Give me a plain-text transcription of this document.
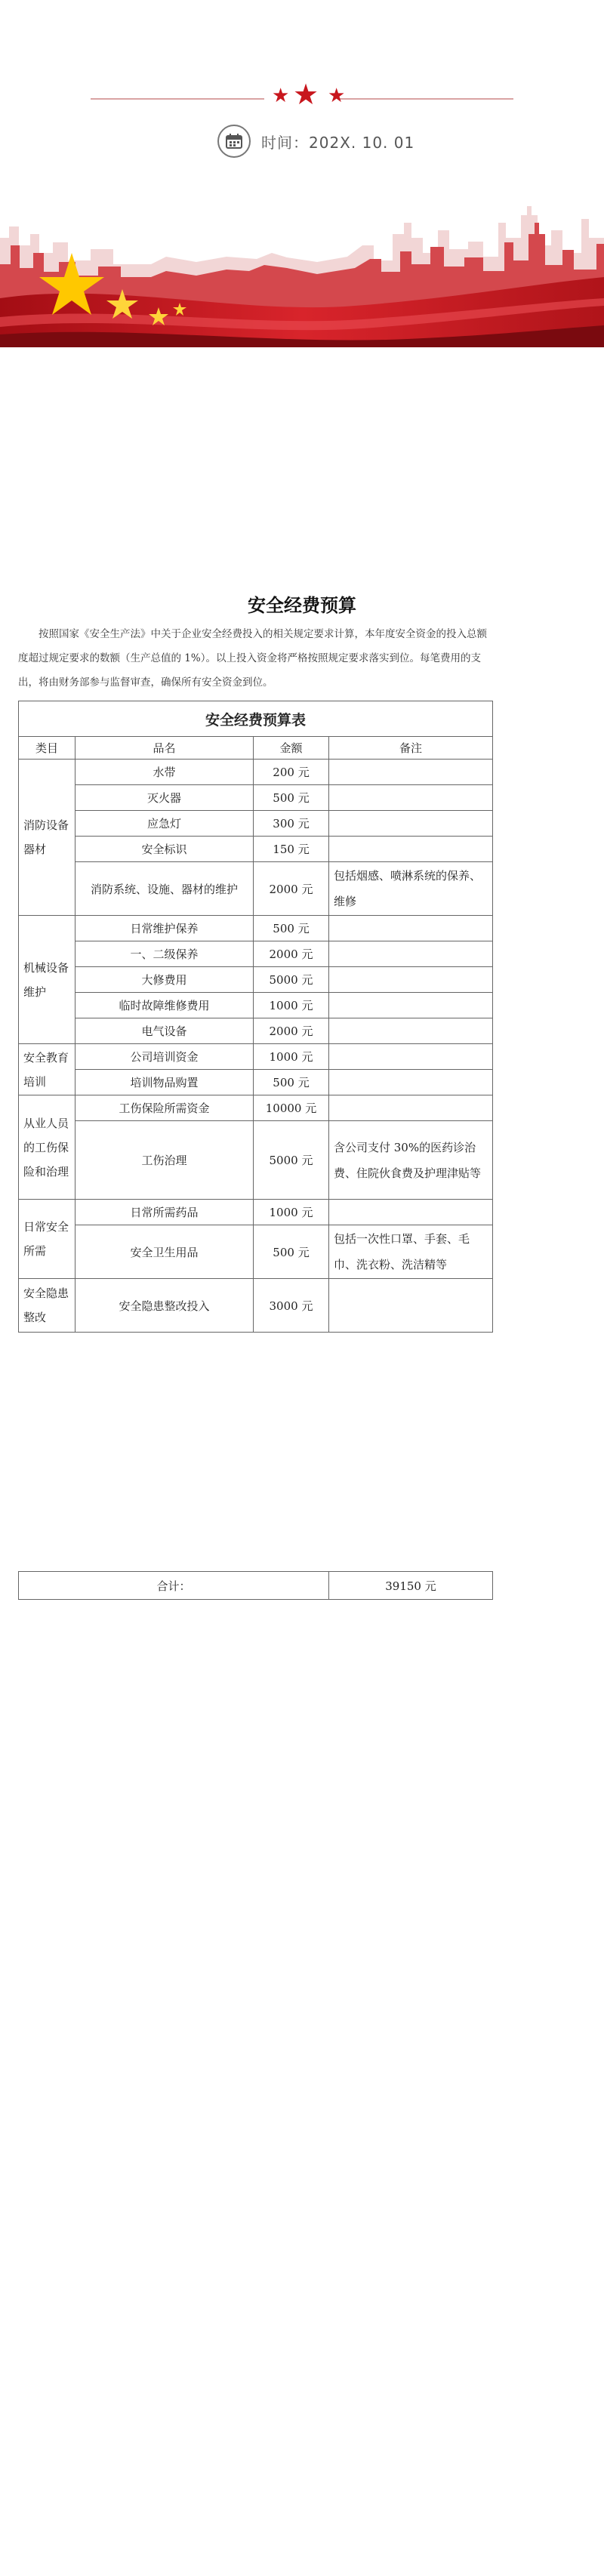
★ ★ ★
时间：202X. 10. 01
安全经费预算

按照国家《安全生产法》中关于企业安全经费投入的相关规定要求计算，本年度安全资金的投入总额度超过规定要求的数额（生产总值的 1%）。以上投入资金将严格按照规定要求落实到位。每笔费用的支出，将由财务部参与监督审查，确保所有安全资金到位。

安全经费预算表			
类目	品名	金额	备注
消防设备器材	水带	200 元	
	灭火器	500 元	
	应急灯	300 元	
	安全标识	150 元	
	消防系统、设施、器材的维护	2000 元	包括烟感、喷淋系统的保养、维修
机械设备维护	日常维护保养	500 元	
	一、二级保养	2000 元	
	大修费用	5000 元	
	临时故障维修费用	1000 元	
	电气设备	2000 元	
安全教育培训	公司培训资金	1000 元	
	培训物品购置	500 元	
从业人员的工伤保险和治理	工伤保险所需资金	10000 元	
	工伤治理	5000 元	含公司支付 30%的医药诊治费、住院伙食费及护理津贴等
日常安全所需	日常所需药品	1000 元	
	安全卫生用品	500 元	包括一次性口罩、手套、毛巾、洗衣粉、洗洁精等
安全隐患整改	安全隐患整改投入	3000 元	
合计：	39150 元
